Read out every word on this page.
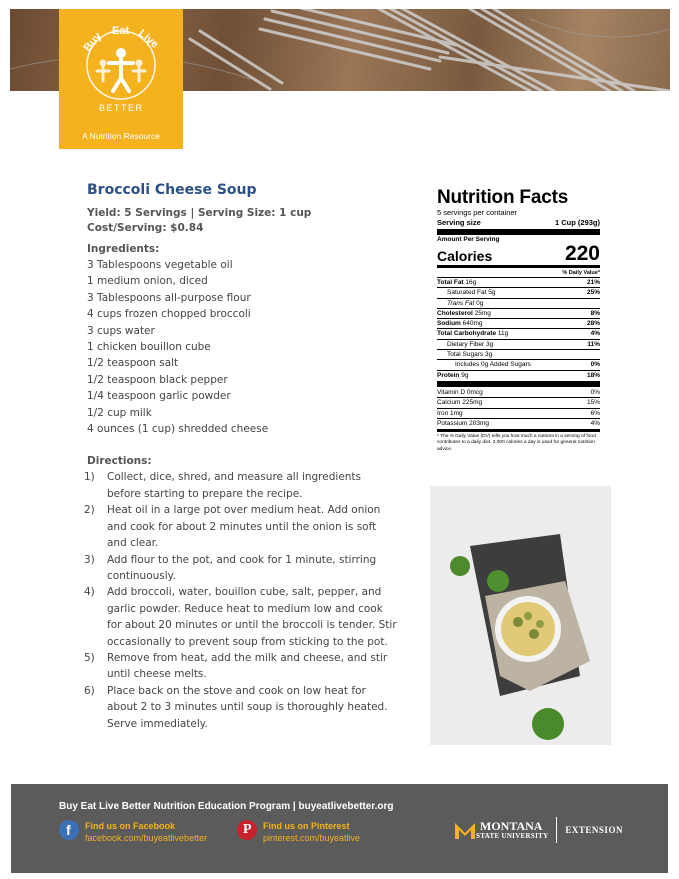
Buy Eat Live
BETTER
A Nutrition Resource
Broccoli Cheese Soup
Yield: 5 Servings | Serving Size: 1 cup
Cost/Serving: $0.84
Ingredients:
3 Tablespoons vegetable oil
1 medium onion, diced
3 Tablespoons all-purpose flour
4 cups frozen chopped broccoli
3 cups water
1 chicken bouillon cube
1/2 teaspoon salt
1/2 teaspoon black pepper
1/4 teaspoon garlic powder
1/2 cup milk
4 ounces (1 cup) shredded cheese
Directions:
1) Collect, dice, shred, and measure all ingredients before starting to prepare the recipe.
2) Heat oil in a large pot over medium heat. Add onion and cook for about 2 minutes until the onion is soft and clear.
3) Add flour to the pot, and cook for 1 minute, stirring continuously.
4) Add broccoli, water, bouillon cube, salt, pepper, and garlic powder. Reduce heat to medium low and cook for about 20 minutes or until the broccoli is tender. Stir occasionally to prevent soup from sticking to the pot.
5) Remove from heat, add the milk and cheese, and stir until cheese melts.
6) Place back on the stove and cook on low heat for about 2 to 3 minutes until soup is thoroughly heated. Serve immediately.
Nutrition Facts
5 servings per container
Serving size	1 Cup (293g)
Amount Per Serving
Calories	220
% Daily Value*
Total Fat 16g	21%
Saturated Fat 5g	25%
Trans Fat 0g
Cholesterol 25mg	8%
Sodium 640mg	28%
Total Carbohydrate 11g	4%
Dietary Fiber 3g	11%
Total Sugars 3g
Includes 0g Added Sugars	0%
Protein 9g	18%
Vitamin D 0mcg	0%
Calcium 225mg	15%
Iron 1mg	6%
Potassium 203mg	4%
* The % Daily Value (DV) tells you how much a nutrient in a serving of food contributes to a daily diet. 2,000 calories a day is used for general nutrition advice.
Buy Eat Live Better Nutrition Education Program | buyeatlivebetter.org
f Find us on Facebook
facebook.com/buyeatlivebetter
P Find us on Pinterest
pinterest.com/buyeatlive
MONTANA
STATE UNIVERSITY
EXTENSION
